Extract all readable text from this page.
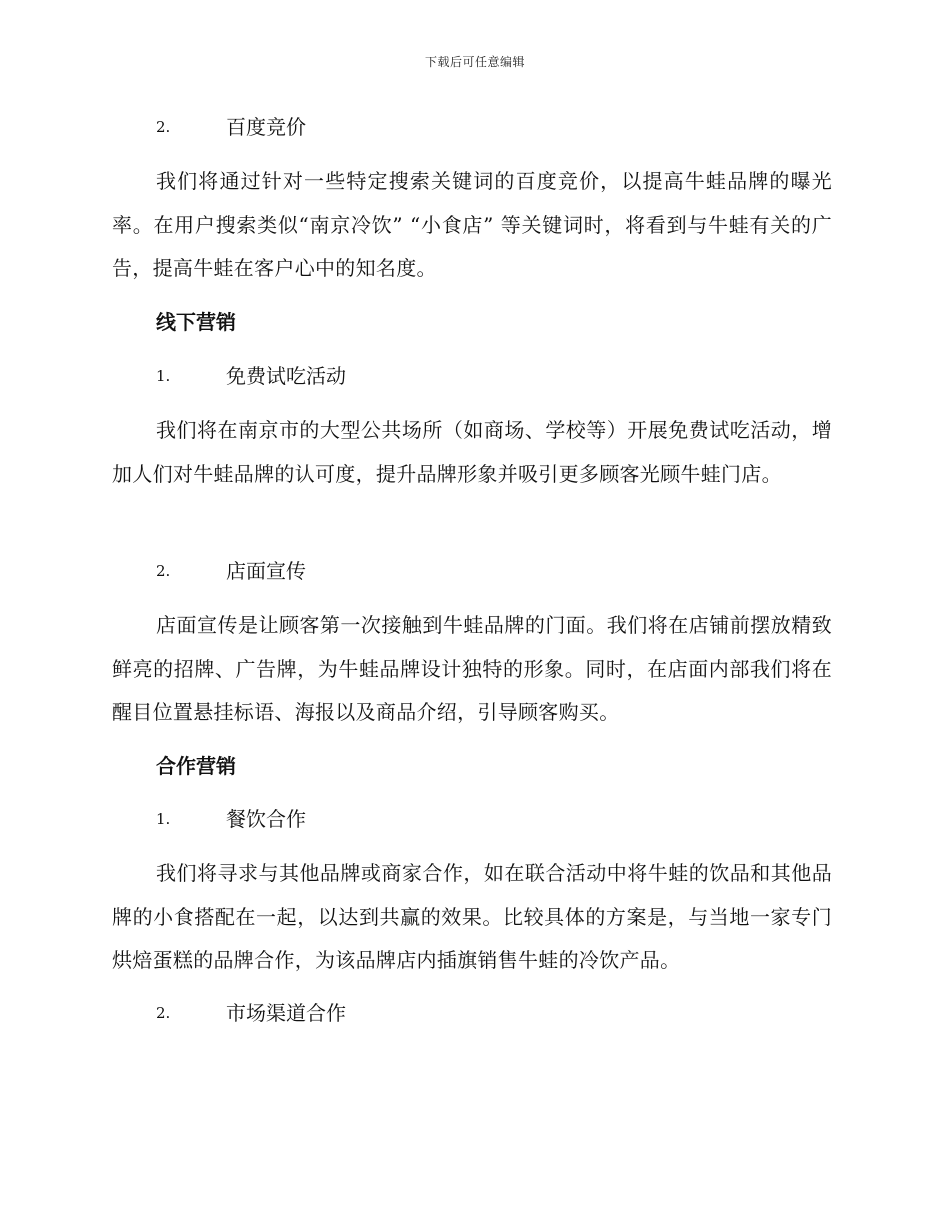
下载后可任意编辑
2.	百度竞价
我们将通过针对一些特定搜索关键词的百度竞价，以提高牛蛙品牌的曝光率。在用户搜索类似“南京冷饮” “小食店” 等关键词时，将看到与牛蛙有关的广告，提高牛蛙在客户心中的知名度。
线下营销
1.	免费试吃活动
我们将在南京市的大型公共场所（如商场、学校等）开展免费试吃活动，增加人们对牛蛙品牌的认可度，提升品牌形象并吸引更多顾客光顾牛蛙门店。
2.	店面宣传
店面宣传是让顾客第一次接触到牛蛙品牌的门面。我们将在店铺前摆放精致鲜亮的招牌、广告牌，为牛蛙品牌设计独特的形象。同时，在店面内部我们将在醒目位置悬挂标语、海报以及商品介绍，引导顾客购买。
合作营销
1.	餐饮合作
我们将寻求与其他品牌或商家合作，如在联合活动中将牛蛙的饮品和其他品牌的小食搭配在一起，以达到共赢的效果。比较具体的方案是，与当地一家专门烘焙蛋糕的品牌合作，为该品牌店内插旗销售牛蛙的冷饮产品。
2.	市场渠道合作
